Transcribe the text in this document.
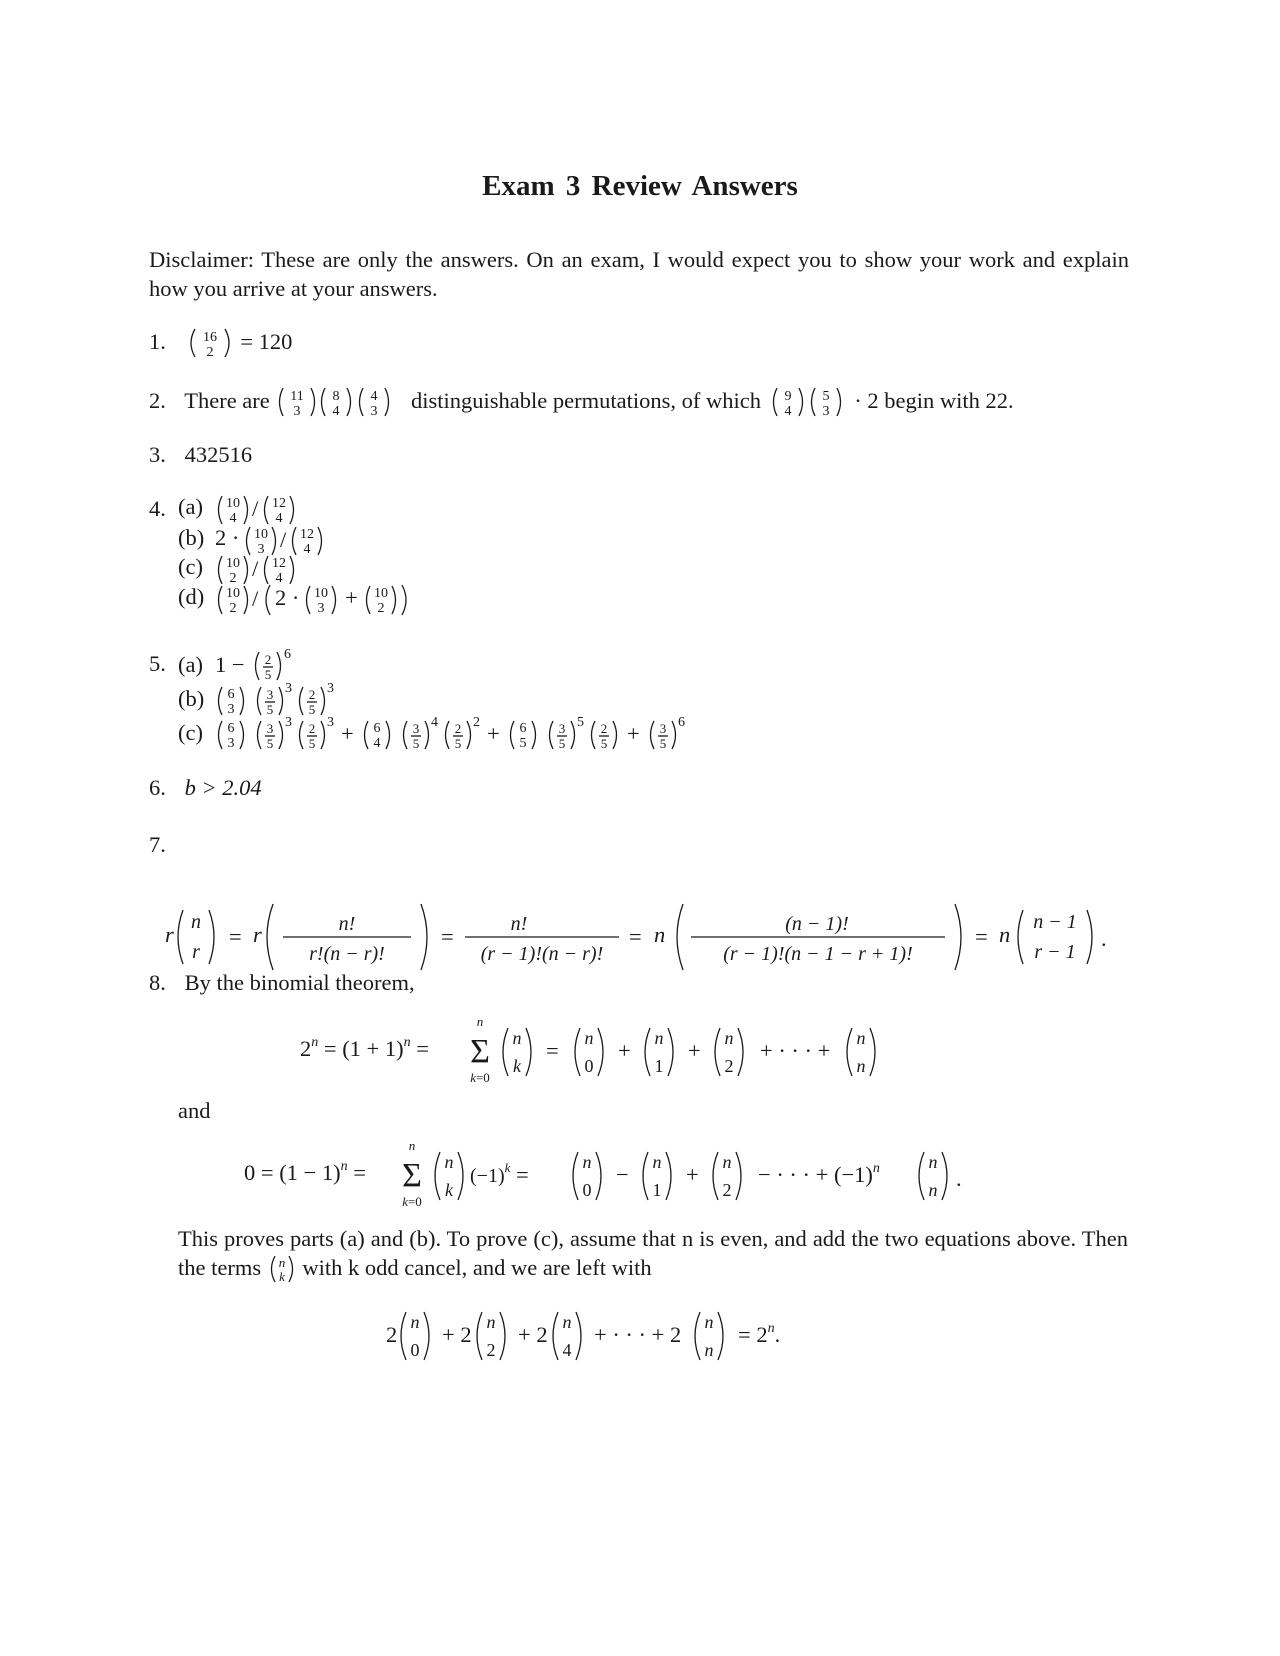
Exam 3 Review Answers
Disclaimer: These are only the answers. On an exam, I would expect you to show your work and explain how you arrive at your answers.
1.	16
2 = 120
2. There are 11
3
8
4
4
3 distinguishable permutations, of which 9
4
5
3 · 2 begin with 22.
3. 432516
4. (a) 10
4 / 12
4
(b) 2 · 10
3 / 12
4
(c) 10
2 / 12
4
(d) 10
2 / 2 · 10
3 + 10
2
5. (a) 1 − 2
5
6
(b) 6
3
3
5
3 2
5
3
(c) 6
3
3
5
3 2
5
3 + 6
4
3
5
4 2
5
2 + 6
5
3
5
5 2
5 + 3
5
6
6. b > 2.04
7.
r n
r
= r	n!
r!(n − r)!
=	n!
(r − 1)!(n − r)!
= n	(n − 1)!
(r − 1)!(n − 1 − r + 1)!
= n n − 1
r − 1
.
8. By the binomial theorem,
$2^n = (1 + 1)^n$ =
n
Σ
k=0
n
k
= n
0
+ n
1
+ n
2
+ · · · + n
n
and
$0 = (1 - 1)^n$ =
n
Σ
k=0
n
k
$(-1)^k$ =	n
0
− n
1
+ n
2
− · · · + $(-1)^n$	n
n .
This proves parts (a) and (b). To prove (c), assume that n is even, and add the two equations above. Then the terms n
k with k odd cancel, and we are left with
2 n
0
+ 2 n
2
+ 2 n
4
+ · · · + 2 n
n
= $2^n$.
